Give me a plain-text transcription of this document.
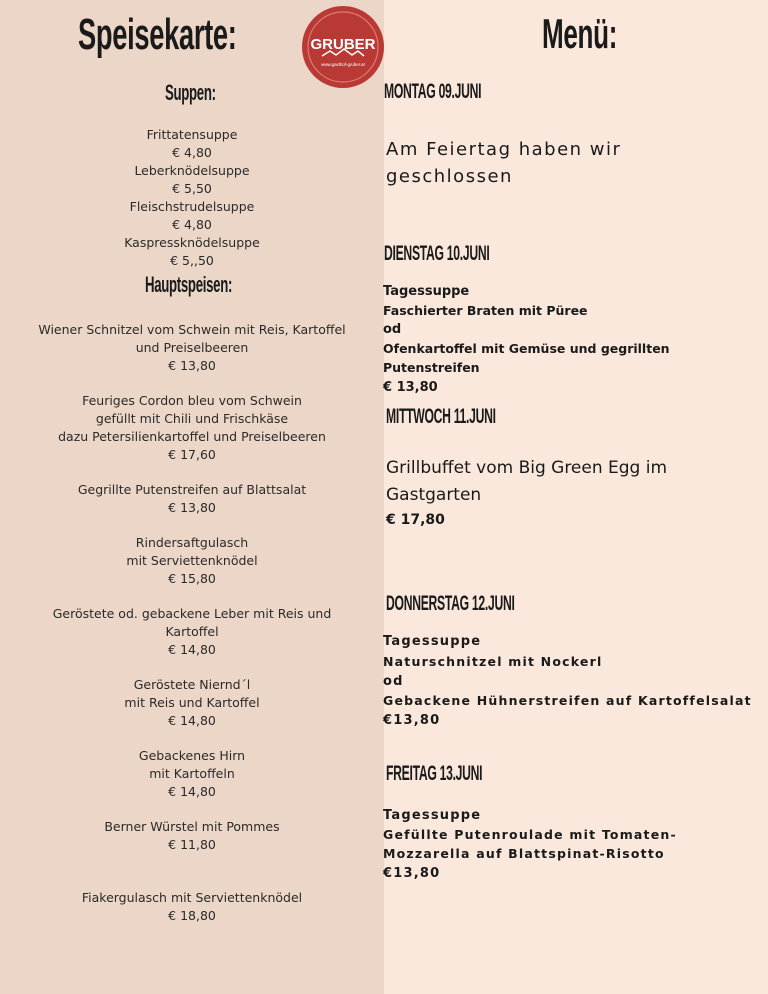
Speisekarte:	GRUBER
www.gasthof-gruber.at
Suppen:
Frittatensuppe
€ 4,80
Leberknödelsuppe
€ 5,50
Fleischstrudelsuppe
€ 4,80
Kaspressknödelsuppe
€ 5,,50
Hauptspeisen:
Wiener Schnitzel vom Schwein mit Reis, Kartoffel
und Preiselbeeren
€ 13,80
Feuriges Cordon bleu vom Schwein
gefüllt mit Chili und Frischkäse
dazu Petersilienkartoffel und Preiselbeeren
€ 17,60
Gegrillte Putenstreifen auf Blattsalat
€ 13,80
Rindersaftgulasch
mit Serviettenknödel
€ 15,80
Geröstete od. gebackene Leber mit Reis und
Kartoffel
€ 14,80
Geröstete Niernd´l
mit Reis und Kartoffel
€ 14,80
Gebackenes Hirn
mit Kartoffeln
€ 14,80
Berner Würstel mit Pommes
€ 11,80
Fiakergulasch mit Serviettenknödel
€ 18,80
Menü:
MONTAG 09.JUNI
Am Feiertag haben wir
geschlossen
DIENSTAG 10.JUNI
Tagessuppe
Faschierter Braten mit Püree
od
Ofenkartoffel mit Gemüse und gegrillten
Putenstreifen
€ 13,80
MITTWOCH 11.JUNI
Grillbuffet vom Big Green Egg im
Gastgarten
€ 17,80
DONNERSTAG 12.JUNI
Tagessuppe
Naturschnitzel mit Nockerl
od
Gebackene Hühnerstreifen auf Kartoffelsalat
€13,80
FREITAG 13.JUNI
Tagessuppe
Gefüllte Putenroulade mit Tomaten-
Mozzarella auf Blattspinat-Risotto
€13,80
